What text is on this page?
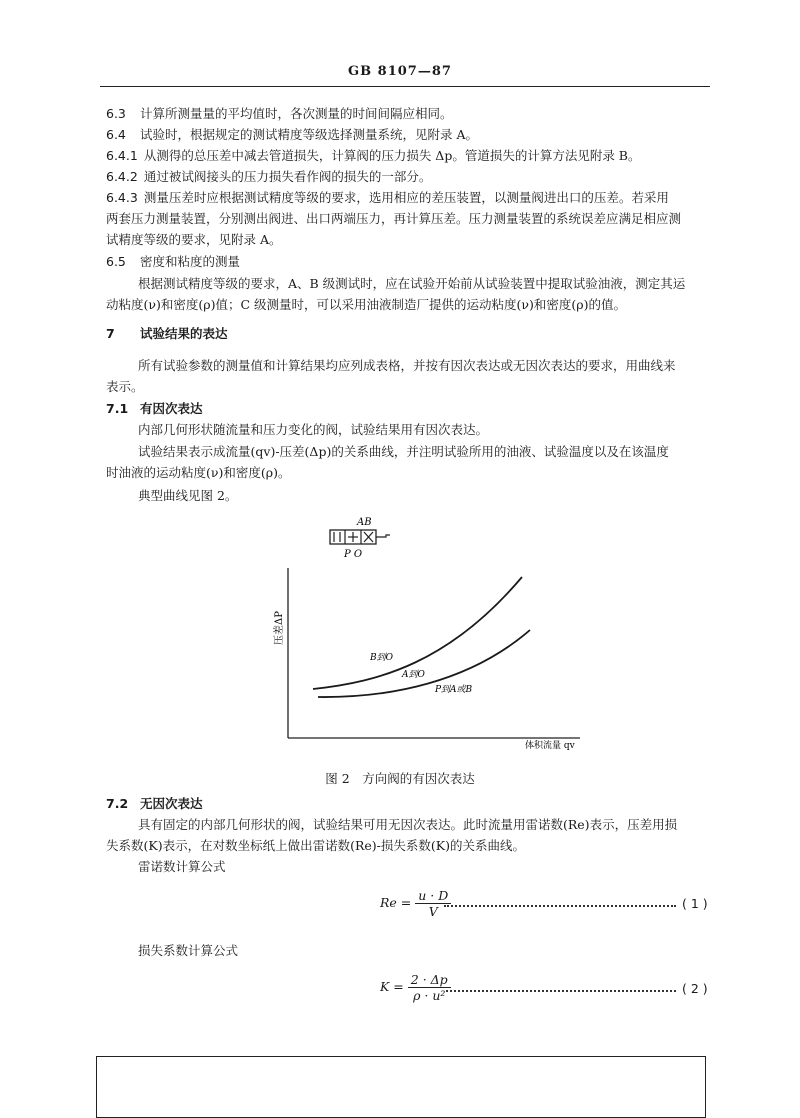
GB 8107—87
6.3 计算所测量量的平均值时，各次测量的时间间隔应相同。
6.4 试验时，根据规定的测试精度等级选择测量系统，见附录 A。
6.4.1 从测得的总压差中减去管道损失，计算阀的压力损失 Δp。管道损失的计算方法见附录 B。
6.4.2 通过被试阀接头的压力损失看作阀的损失的一部分。
6.4.3 测量压差时应根据测试精度等级的要求，选用相应的差压装置，以测量阀进出口的压差。若采用
两套压力测量装置，分别测出阀进、出口两端压力，再计算压差。压力测量装置的系统误差应满足相应测
试精度等级的要求，见附录 A。
6.5 密度和粘度的测量
根据测试精度等级的要求，A、B 级测试时，应在试验开始前从试验装置中提取试验油液，测定其运
动粘度(ν)和密度(ρ)值；C 级测量时，可以采用油液制造厂提供的运动粘度(ν)和密度(ρ)的值。
7 试验结果的表达
所有试验参数的测量值和计算结果均应列成表格，并按有因次表达或无因次表达的要求，用曲线来
表示。
7.1 有因次表达
内部几何形状随流量和压力变化的阀，试验结果用有因次表达。
试验结果表示成流量(qv)-压差(Δp)的关系曲线，并注明试验所用的油液、试验温度以及在该温度
时油液的运动粘度(ν)和密度(ρ)。
典型曲线见图 2。
AB
P O
压差ΔP
体积流量 qv
B到O
A到O
P到A或B
图 2　方向阀的有因次表达
7.2 无因次表达
具有固定的内部几何形状的阀，试验结果可用无因次表达。此时流量用雷诺数(Re)表示，压差用损
失系数(K)表示，在对数坐标纸上做出雷诺数(Re)-损失系数(K)的关系曲线。
雷诺数计算公式
$Re = \frac{u \cdot D}{V}$	( 1 )
损失系数计算公式
$K = \frac{2 \cdot \Delta p}{\text{ρ · u²}}$	( 2 )
